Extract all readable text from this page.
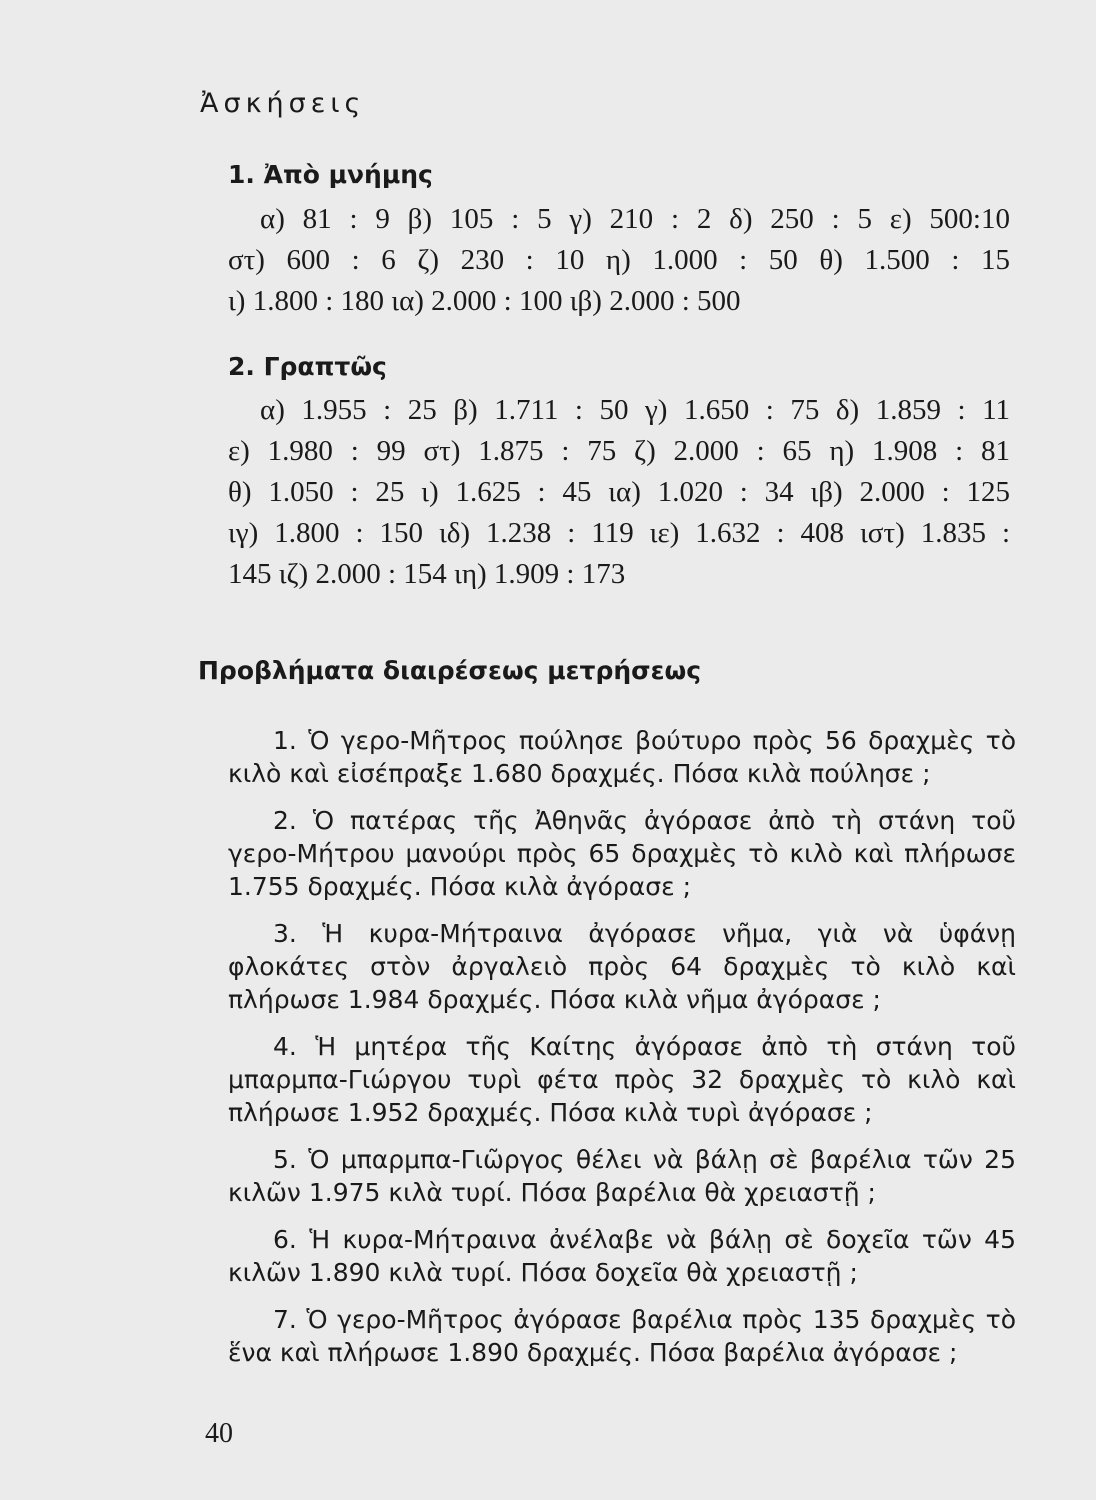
Ἀσκήσεις
1. Ἀπὸ μνήμης
α) 81 : 9 β) 105 : 5 γ) 210 : 2 δ) 250 : 5 ε) 500:10
στ) 600 : 6 ζ) 230 : 10 η) 1.000 : 50 θ) 1.500 : 15
ι) 1.800 : 180 ια) 2.000 : 100 ιβ) 2.000 : 500
2. Γραπτῶς
α) 1.955 : 25 β) 1.711 : 50 γ) 1.650 : 75 δ) 1.859 : 11
ε) 1.980 : 99 στ) 1.875 : 75 ζ) 2.000 : 65 η) 1.908 : 81
θ) 1.050 : 25 ι) 1.625 : 45 ια) 1.020 : 34 ιβ) 2.000 : 125
ιγ) 1.800 : 150 ιδ) 1.238 : 119 ιε) 1.632 : 408 ιστ) 1.835 :
145 ιζ) 2.000 : 154 ιη) 1.909 : 173
Προβλήματα διαιρέσεως μετρήσεως

1. Ὁ γερο-Μῆτρος πούλησε βούτυρο πρὸς 56 δραχμὲς τὸ κιλὸ καὶ εἰσέπραξε 1.680 δραχμές. Πόσα κιλὰ πούλησε ;

2. Ὁ πατέρας τῆς Ἀθηνᾶς ἀγόρασε ἀπὸ τὴ στάνη τοῦ γερο-Μήτρου μανούρι πρὸς 65 δραχμὲς τὸ κιλὸ καὶ πλήρωσε 1.755 δραχμές. Πόσα κιλὰ ἀγόρασε ;

3. Ἡ κυρα-Μήτραινα ἀγόρασε νῆμα, γιὰ νὰ ὑφάνῃ φλοκάτες στὸν ἀργαλειὸ πρὸς 64 δραχμὲς τὸ κιλὸ καὶ πλήρωσε 1.984 δραχμές. Πόσα κιλὰ νῆμα ἀγόρασε ;

4. Ἡ μητέρα τῆς Καίτης ἀγόρασε ἀπὸ τὴ στάνη τοῦ μπαρμπα-Γιώργου τυρὶ φέτα πρὸς 32 δραχμὲς τὸ κιλὸ καὶ πλήρωσε 1.952 δραχμές. Πόσα κιλὰ τυρὶ ἀγόρασε ;

5. Ὁ μπαρμπα-Γιῶργος θέλει νὰ βάλῃ σὲ βαρέλια τῶν 25 κιλῶν 1.975 κιλὰ τυρί. Πόσα βαρέλια θὰ χρειαστῇ ;

6. Ἡ κυρα-Μήτραινα ἀνέλαβε νὰ βάλῃ σὲ δοχεῖα τῶν 45 κιλῶν 1.890 κιλὰ τυρί. Πόσα δοχεῖα θὰ χρειαστῇ ;

7. Ὁ γερο-Μῆτρος ἀγόρασε βαρέλια πρὸς 135 δραχμὲς τὸ ἕνα καὶ πλήρωσε 1.890 δραχμές. Πόσα βαρέλια ἀγόρασε ;

40
